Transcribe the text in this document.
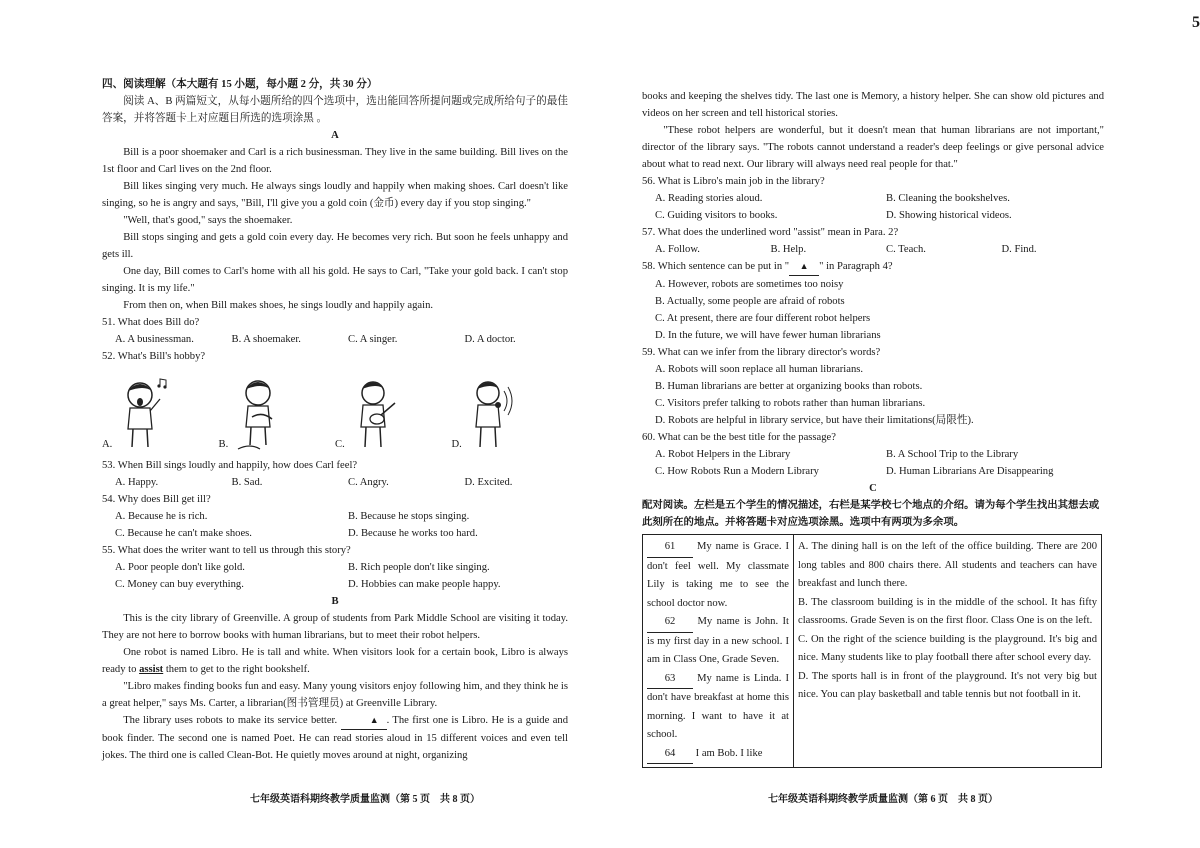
5

四、阅读理解（本大题有 15 小题，每小题 2 分，共 30 分）

阅读 A、B 两篇短文，从每小题所给的四个选项中，选出能回答所提问题或完成所给句子的最佳答案，并将答题卡上对应题目所选的选项涂黑 。

A

Bill is a poor shoemaker and Carl is a rich businessman. They live in the same building. Bill lives on the 1st floor and Carl lives on the 2nd floor.

Bill likes singing very much. He always sings loudly and happily when making shoes. Carl doesn't like singing, so he is angry and says, "Bill, I'll give you a gold coin (金币) every day if you stop singing."

"Well, that's good," says the shoemaker.

Bill stops singing and gets a gold coin every day. He becomes very rich. But soon he feels unhappy and gets ill.

One day, Bill comes to Carl's home with all his gold. He says to Carl, "Take your gold back. I can't stop singing. It is my life."

From then on, when Bill makes shoes, he sings loudly and happily again.

51. What does Bill do?

A. A businessman.	B. A shoemaker.	C. A singer.	D. A doctor.

52. What's Bill's hobby?

A.	B.	C.	D.

53. When Bill sings loudly and happily, how does Carl feel?

A. Happy.	B. Sad.	C. Angry.	D. Excited.

54. Why does Bill get ill?

A. Because he is rich.	B. Because he stops singing.
C. Because he can't make shoes.	D. Because he works too hard.

55. What does the writer want to tell us through this story?

A. Poor people don't like gold.	B. Rich people don't like singing.
C. Money can buy everything.	D. Hobbies can make people happy.

B

This is the city library of Greenville. A group of students from Park Middle School are visiting it today. They are not here to borrow books with human librarians, but to meet their robot helpers.

One robot is named Libro. He is tall and white. When visitors look for a certain book, Libro is always ready to assist them to get to the right bookshelf.

"Libro makes finding books fun and easy. Many young visitors enjoy following him, and they think he is a great helper," says Ms. Carter, a librarian(图书管理员) at Greenville Library.

The library uses robots to make its service better.	▲ . The first one is Libro. He is a guide and book finder. The second one is named Poet. He can read stories aloud in 15 different voices and even tell jokes. The third one is called Clean-Bot. He quietly moves around at night, organizing

七年级英语科期终教学质量监测（第 5 页　共 8 页）

books and keeping the shelves tidy. The last one is Memory, a history helper. She can show old pictures and videos on her screen and tell historical stories.

"These robot helpers are wonderful, but it doesn't mean that human librarians are not important," director of the library says. "The robots cannot understand a reader's deep feelings or give personal advice about what to read next. Our library will always need real people for that."

56. What is Libro's main job in the library?

A. Reading stories aloud.	B. Cleaning the bookshelves.
C. Guiding visitors to books.	D. Showing historical videos.

57. What does the underlined word "assist" mean in Para. 2?

A. Follow.	B. Help.	C. Teach.	D. Find.

58. Which sentence can be put in " ▲ " in Paragraph 4?

A. However, robots are sometimes too noisy

B. Actually, some people are afraid of robots

C. At present, there are four different robot helpers

D. In the future, we will have fewer human librarians

59. What can we infer from the library director's words?

A. Robots will soon replace all human librarians.

B. Human librarians are better at organizing books than robots.

C. Visitors prefer talking to robots rather than human librarians.

D. Robots are helpful in library service, but have their limitations(局限性).

60. What can be the best title for the passage?

A. Robot Helpers in the Library	B. A School Trip to the Library
C. How Robots Run a Modern Library	D. Human Librarians Are Disappearing

C

配对阅读。左栏是五个学生的情况描述，右栏是某学校七个地点的介绍。请为每个学生找出其想去或此刻所在的地点。并将答题卡对应选项涂黑。选项中有两项为多余项。

61 My name is Grace. I don't feel well. My classmate Lily is taking me to see the school doctor now.
62 My name is John. It is my first day in a new school. I am in Class One, Grade Seven.
63 My name is Linda. I don't have breakfast at home this morning. I want to have it at school.
64 I am Bob. I like

A. The dining hall is on the left of the office building. There are 200 long tables and 800 chairs there. All students and teachers can have breakfast and lunch there.
B. The classroom building is in the middle of the school. It has fifty classrooms. Grade Seven is on the first floor. Class One is on the left.
C. On the right of the science building is the playground. It's big and nice. Many students like to play football there after school every day.
D. The sports hall is in front of the playground. It's not very big but nice. You can play basketball and table tennis but not football in it.
七年级英语科期终教学质量监测（第 6 页　共 8 页）
